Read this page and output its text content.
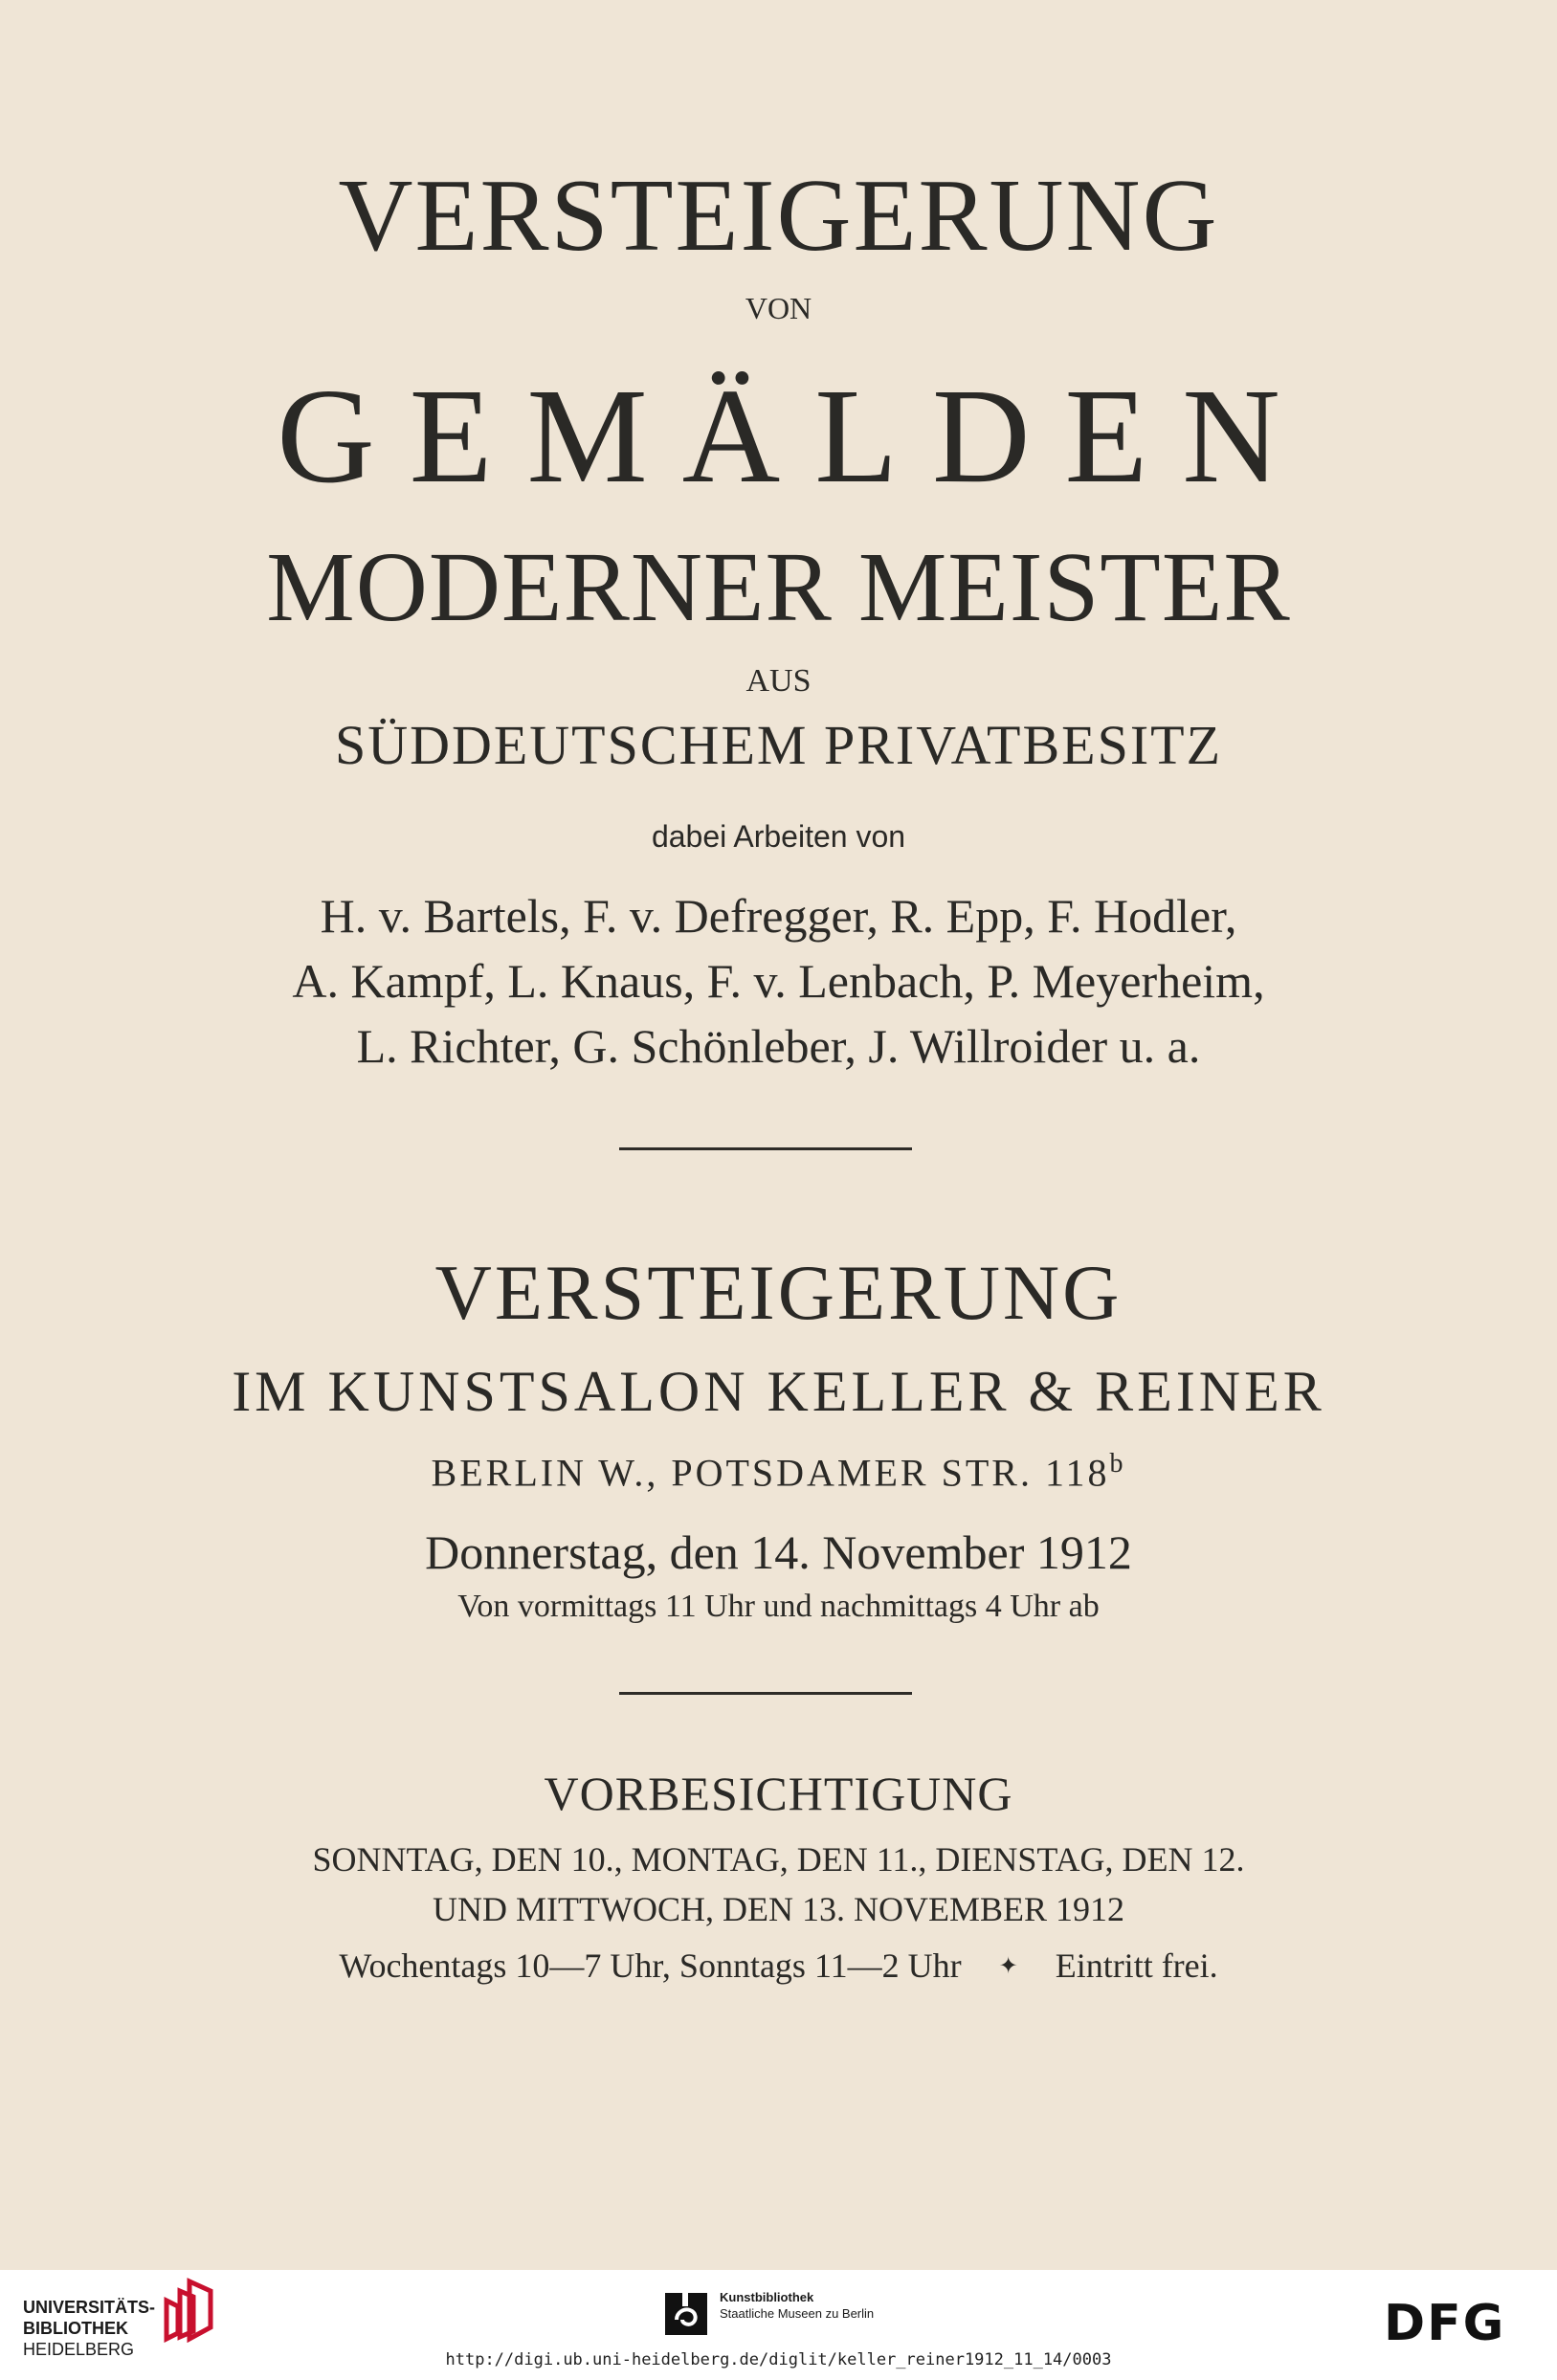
VERSTEIGERUNG
VON
GEMÄLDEN
MODERNER MEISTER
AUS
SÜDDEUTSCHEM PRIVATBESITZ
dabei Arbeiten von
H. v. Bartels, F. v. Defregger, R. Epp, F. Hodler,
A. Kampf, L. Knaus, F. v. Lenbach, P. Meyerheim,
L. Richter, G. Schönleber, J. Willroider u. a.
VERSTEIGERUNG
IM KUNSTSALON KELLER & REINER
BERLIN W., POTSDAMER STR. 118$^b$
Donnerstag, den 14. November 1912
Von vormittags 11 Uhr und nachmittags 4 Uhr ab
VORBESICHTIGUNG
SONNTAG, DEN 10., MONTAG, DEN 11., DIENSTAG, DEN 12.
UND MITTWOCH, DEN 13. NOVEMBER 1912
Wochentags 10—7 Uhr, Sonntags 11—2 Uhr ✦ Eintritt frei.
UNIVERSITÄTS-
BIBLIOTHEK
HEIDELBERG
Kunstbibliothek
Staatliche Museen zu Berlin	DFG
http://digi.ub.uni-heidelberg.de/diglit/keller_reiner1912_11_14/0003
